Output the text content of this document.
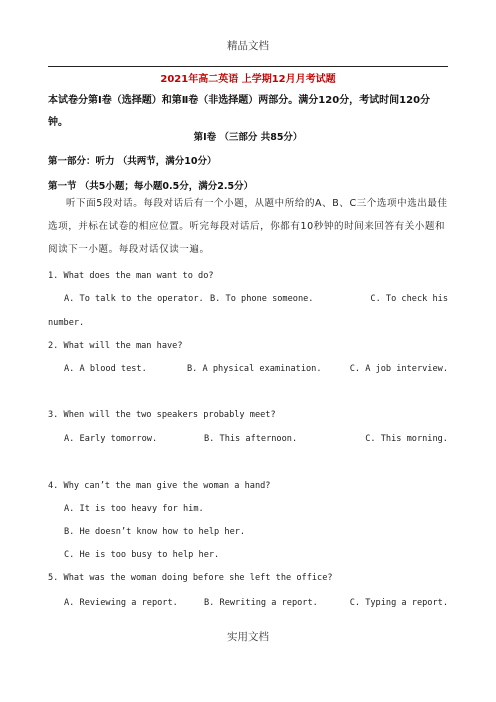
精品文档
2021年高二英语 上学期12月月考试题
本试卷分第Ⅰ卷（选择题）和第Ⅱ卷（非选择题）两部分。满分120分，考试时间120分钟。
第Ⅰ卷 （三部分 共85分）
第一部分：听力 （共两节，满分10分）
第一节 （共5小题；每小题0.5分，满分2.5分）
听下面5段对话。每段对话后有一个小题，从题中所给的A、B、C三个选项中选出最佳选项，并标在试卷的相应位置。听完每段对话后，你都有10秒钟的时间来回答有关小题和阅读下一小题。每段对话仅读一遍。
1. What does the man want to do?
A. To talk to the operator. B. To phone someone.	C. To check his
number.
2. What will the man have?
A. A blood test.	B. A physical examination.	C. A job interview.
3. When will the two speakers probably meet?
A. Early tomorrow.	B. This afternoon.	C. This morning.
4. Why can’t the man give the woman a hand?
A. It is too heavy for him.
B. He doesn’t know how to help her.
C. He is too busy to help her.
5. What was the woman doing before she left the office?
A. Reviewing a report.	B. Rewriting a report.	C. Typing a report.
实用文档
